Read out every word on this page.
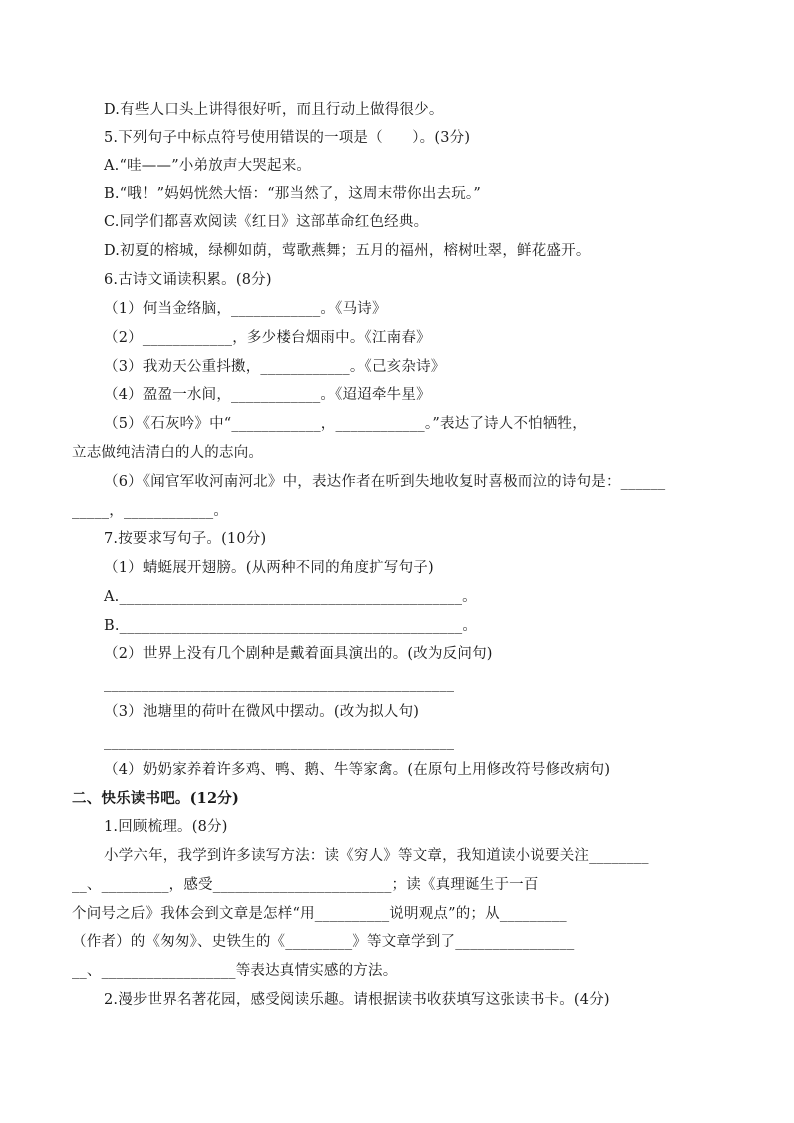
D.有些人口头上讲得很好听，而且行动上做得很少。
5.下列句子中标点符号使用错误的一项是（　　）。(3分)
A.“哇——”小弟放声大哭起来。
B.“哦！”妈妈恍然大悟：“那当然了，这周末带你出去玩。”
C.同学们都喜欢阅读《红日》这部革命红色经典。
D.初夏的榕城，绿柳如荫，莺歌燕舞；五月的福州，榕树吐翠，鲜花盛开。
6.古诗文诵读积累。(8分)
（1）何当金络脑，____________。《马诗》
（2）____________，多少楼台烟雨中。《江南春》
（3）我劝天公重抖擞，____________。《己亥杂诗》
（4）盈盈一水间，____________。《迢迢牵牛星》
（5）《石灰吟》中“____________，____________。”表达了诗人不怕牺牲，
立志做纯洁清白的人的志向。
（6）《闻官军收河南河北》中，表达作者在听到失地收复时喜极而泣的诗句是：______
_____，____________。
7.按要求写句子。(10分)
（1）蜻蜓展开翅膀。(从两种不同的角度扩写句子)
A.______________________________________________。
B.______________________________________________。
（2）世界上没有几个剧种是戴着面具演出的。(改为反问句)
_______________________________________________
（3）池塘里的荷叶在微风中摆动。(改为拟人句)
_______________________________________________
（4）奶奶家养着许多鸡、鸭、鹅、牛等家禽。(在原句上用修改符号修改病句)
二、快乐读书吧。(12分)
1.回顾梳理。(8分)
小学六年，我学到许多读写方法：读《穷人》等文章，我知道读小说要关注________
__、_________，感受________________________；读《真理诞生于一百
个问号之后》我体会到文章是怎样“用__________说明观点”的；从_________
（作者）的《匆匆》、史铁生的《_________》等文章学到了________________
__、__________________等表达真情实感的方法。
2.漫步世界名著花园，感受阅读乐趣。请根据读书收获填写这张读书卡。(4分)
